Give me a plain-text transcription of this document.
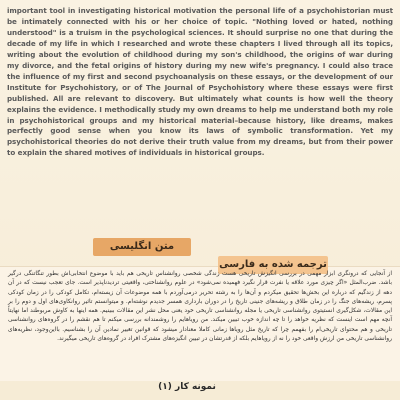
important tool in investigating historical motivation the personal life of a psychohistorian must be intimately connected with his or her choice of topic. "Nothing loved or hated, nothing understood" is a truism in the psychological sciences. It should surprise no one that during the decade of my life in which I researched and wrote these chapters I lived through all its topics, writing about the evolution of childhood during my son's childhood, the origins of war during my divorce, and the fetal origins of history during my new wife's pregnancy. I could also trace the influence of my first and second psychoanalysis on these essays, or the development of our Institute for Psychohistory, or of The Journal of Psychohistory where these essays were first published. All are relevant to discovery. But ultimately what counts is how well the theory explains the evidence. I methodically study my own dreams to help me understand both my role in psychohistorical groups and my historical material–because history, like dreams, makes perfectly good sense when you know its laws of symbolic transformation. Yet my psychohistorical theories do not derive their truth value from my dreams, but from their power to explain the shared motives of individuals in historical groups.
متن انگلیسی
ترجمه شده به فارسی
از آنجایی که درونگری ابزار مهمی در بررسی انگیزش تاریخی هست زندگی شخصی روانشناس تاریخی هم باید با موضوع انتخابی‌اش بطور تنگاتنگی درگیر باشد. ضرب‌المثل «اگر چیزی مورد علاقه یا نفرت قرار نگیرد فهمیده نمی‌شود» در علوم روانشناختی، واقعیتی تردیدناپذیر است. جای تعجب نیست که در آن دهه از زندگیم که درباره این بخش‌ها تحقیق میکردم و آن‌ها را به رشته تحریر درمی‌آوردم با همه موضوعات آن زیسته‌ام، تکامل کودکی را در زمان کودکی پسرم، ریشه‌های جنگ را در زمان طلاق و ریشه‌های جنینی تاریخ را در دوران بارداری همسر جدیدم نوشته‌ام. و میتوانستم تاثیر روانکاوی‌های اول و دوم را بر این مقالات، شکل‌گیری انستیتوی روانشناسی تاریخی یا مجله روانشناسی تاریخی خود یعنی محل نشر این مقالات ببینیم. همه اینها به کاوش مربوطند اما نهایتاً آنچه مهم است اینست که نظریه خواهد را تا چه اندازه خوب تبیین میکند. من رویاهایم را روشمندانه بررسی میکنم تا هم نقشم را در گروه‌های روانشناسی تاریخی و هم محتوای تاریخی‌ام را بفهمم چرا که تاریخ مثل رویاها زمانی کاملا معنادار میشود که قوانین تغییر نمادین آن را بشناسیم. بااین‌وجود، نظریه‌های روانشناسی تاریخی من ارزش واقعی خود را نه از رویاهایم بلکه از قدرتشان در تبیین انگیزه‌های مشترک افراد در گروه‌های تاریخی میگیرند.
نمونه کار (۱)
